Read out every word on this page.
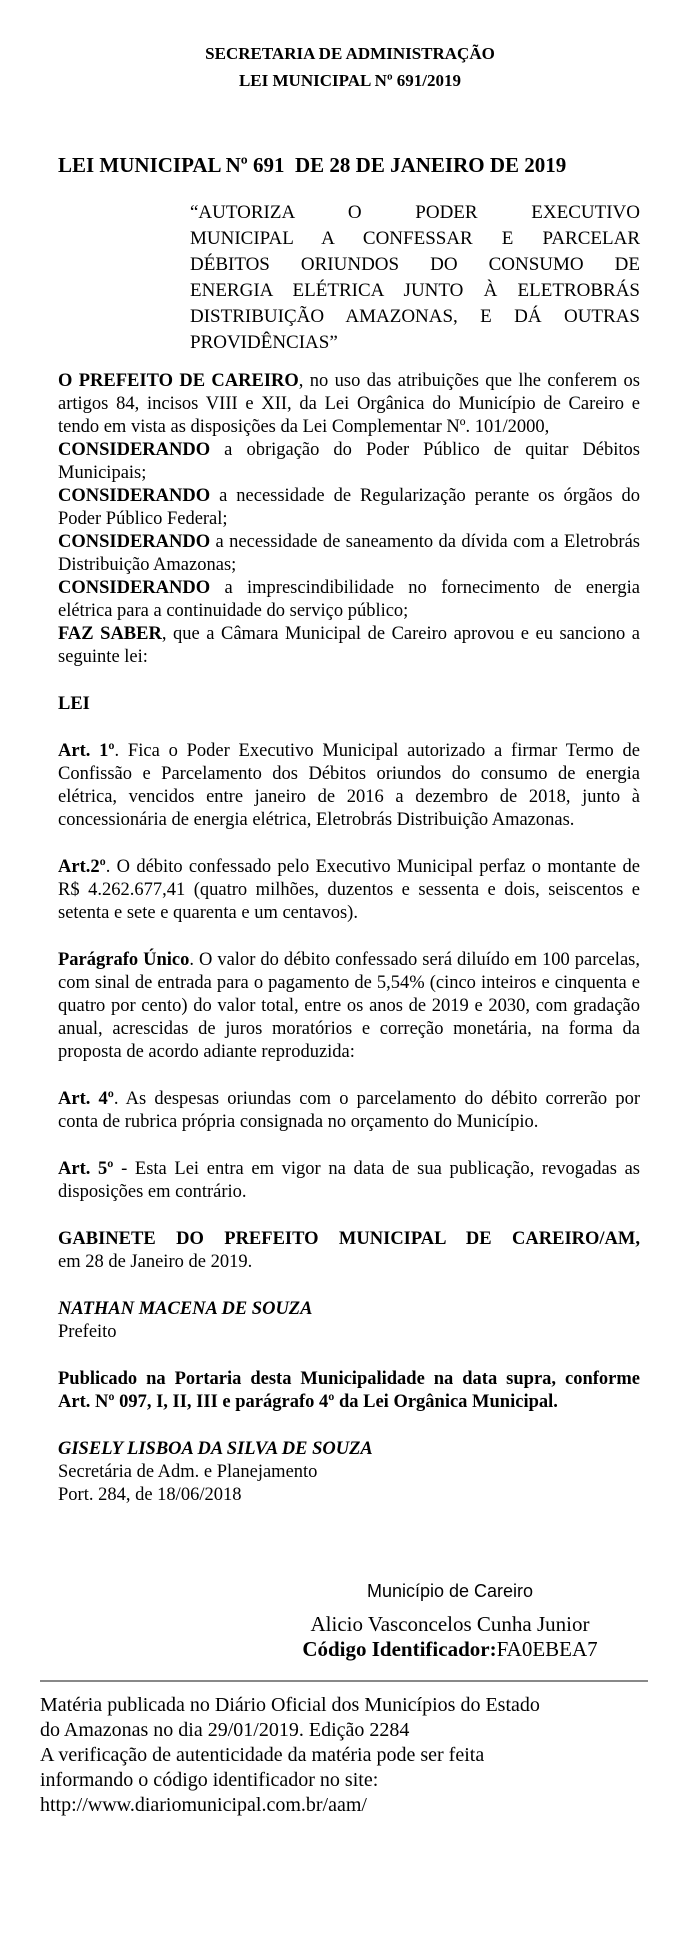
SECRETARIA DE ADMINISTRAÇÃO
LEI MUNICIPAL Nº 691/2019
LEI MUNICIPAL Nº 691  DE 28 DE JANEIRO DE 2019
“AUTORIZA O PODER EXECUTIVO
MUNICIPAL A CONFESSAR E PARCELAR
DÉBITOS ORIUNDOS DO CONSUMO DE
ENERGIA ELÉTRICA JUNTO À ELETROBRÁS
DISTRIBUIÇÃO AMAZONAS, E DÁ OUTRAS
PROVIDÊNCIAS”

O PREFEITO DE CAREIRO, no uso das atribuições que lhe conferem os artigos 84, incisos VIII e XII, da Lei Orgânica do Município de Careiro e tendo em vista as disposições da Lei Complementar Nº. 101/2000,

CONSIDERANDO a obrigação do Poder Público de quitar Débitos Municipais;

CONSIDERANDO a necessidade de Regularização perante os órgãos do Poder Público Federal;

CONSIDERANDO a necessidade de saneamento da dívida com a Eletrobrás Distribuição Amazonas;

CONSIDERANDO a imprescindibilidade no fornecimento de energia elétrica para a continuidade do serviço público;

FAZ SABER, que a Câmara Municipal de Careiro aprovou e eu sanciono a seguinte lei:

LEI

Art. 1º. Fica o Poder Executivo Municipal autorizado a firmar Termo de Confissão e Parcelamento dos Débitos oriundos do consumo de energia elétrica, vencidos entre janeiro de 2016 a dezembro de 2018, junto à concessionária de energia elétrica, Eletrobrás Distribuição Amazonas.

Art.2º. O débito confessado pelo Executivo Municipal perfaz o montante de R$ 4.262.677,41 (quatro milhões, duzentos e sessenta e dois, seiscentos e setenta e sete e quarenta e um centavos).

Parágrafo Único. O valor do débito confessado será diluído em 100 parcelas, com sinal de entrada para o pagamento de 5,54% (cinco inteiros e cinquenta e quatro por cento) do valor total, entre os anos de 2019 e 2030, com gradação anual, acrescidas de juros moratórios e correção monetária, na forma da proposta de acordo adiante reproduzida:

Art. 4º. As despesas oriundas com o parcelamento do débito correrão por conta de rubrica própria consignada no orçamento do Município.

Art. 5º - Esta Lei entra em vigor na data de sua publicação, revogadas as disposições em contrário.

GABINETE DO PREFEITO MUNICIPAL DE CAREIRO/AM,
em 28 de Janeiro de 2019.

NATHAN MACENA DE SOUZA
Prefeito

Publicado na Portaria desta Municipalidade na data supra, conforme Art. Nº 097, I, II, III e parágrafo 4º da Lei Orgânica Municipal.

GISELY LISBOA DA SILVA DE SOUZA
Secretária de Adm. e Planejamento
Port. 284, de 18/06/2018

Município de Careiro
Alicio Vasconcelos Cunha Junior
Código Identificador:FA0EBEA7
Matéria publicada no Diário Oficial dos Municípios do Estado
do Amazonas no dia 29/01/2019. Edição 2284
A verificação de autenticidade da matéria pode ser feita
informando o código identificador no site:
http://www.diariomunicipal.com.br/aam/
